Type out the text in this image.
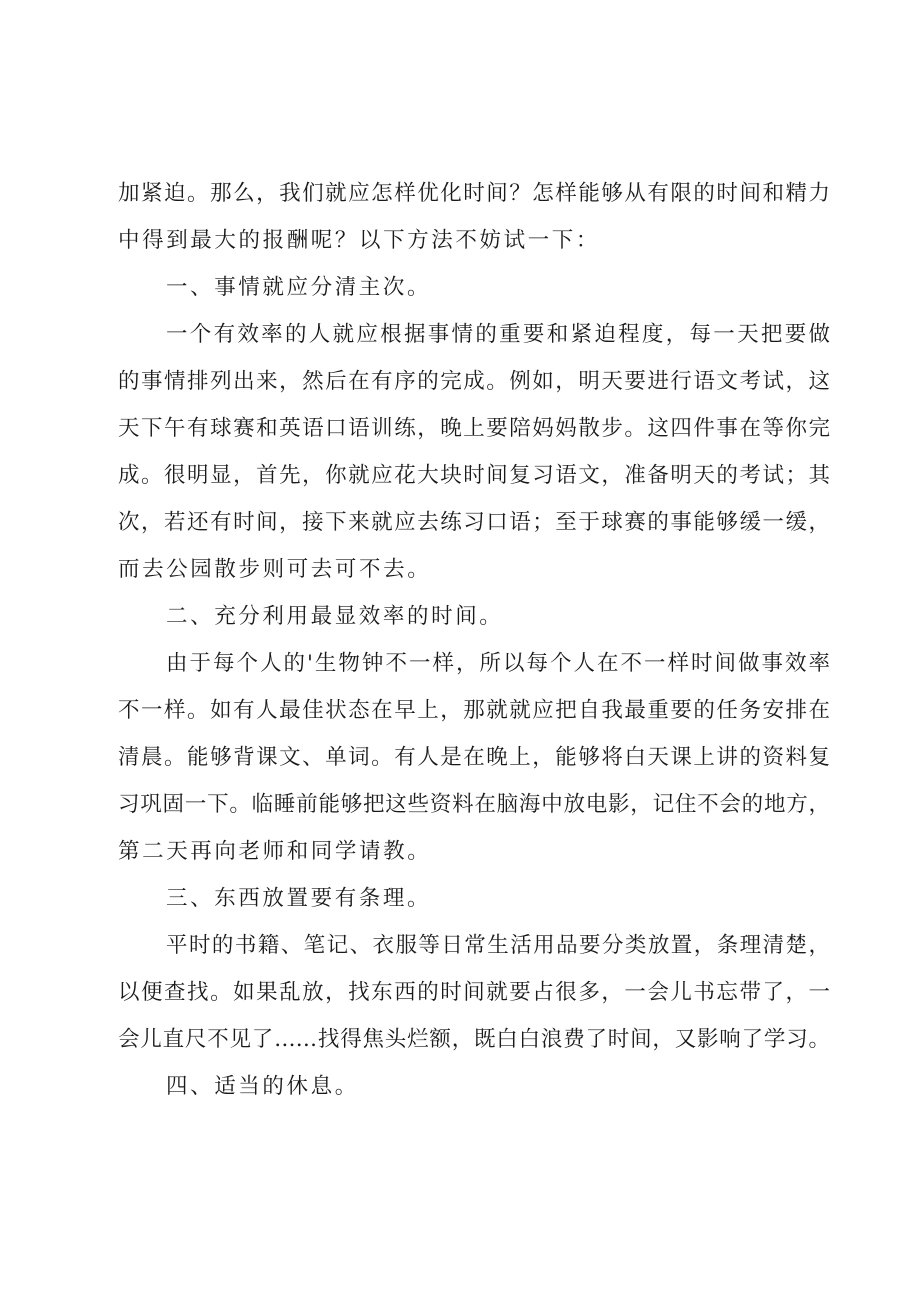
加紧迫。那么，我们就应怎样优化时间？怎样能够从有限的时间和精力
中得到最大的报酬呢？以下方法不妨试一下：
一、事情就应分清主次。
一个有效率的人就应根据事情的重要和紧迫程度，每一天把要做
的事情排列出来，然后在有序的完成。例如，明天要进行语文考试，这
天下午有球赛和英语口语训练，晚上要陪妈妈散步。这四件事在等你完
成。很明显，首先，你就应花大块时间复习语文，准备明天的考试；其
次，若还有时间，接下来就应去练习口语；至于球赛的事能够缓一缓，
而去公园散步则可去可不去。
二、充分利用最显效率的时间。
由于每个人的'生物钟不一样，所以每个人在不一样时间做事效率
不一样。如有人最佳状态在早上，那就就应把自我最重要的任务安排在
清晨。能够背课文、单词。有人是在晚上，能够将白天课上讲的资料复
习巩固一下。临睡前能够把这些资料在脑海中放电影，记住不会的地方，
第二天再向老师和同学请教。
三、东西放置要有条理。
平时的书籍、笔记、衣服等日常生活用品要分类放置，条理清楚，
以便查找。如果乱放，找东西的时间就要占很多，一会儿书忘带了，一
会儿直尺不见了……找得焦头烂额，既白白浪费了时间，又影响了学习。
四、适当的休息。
